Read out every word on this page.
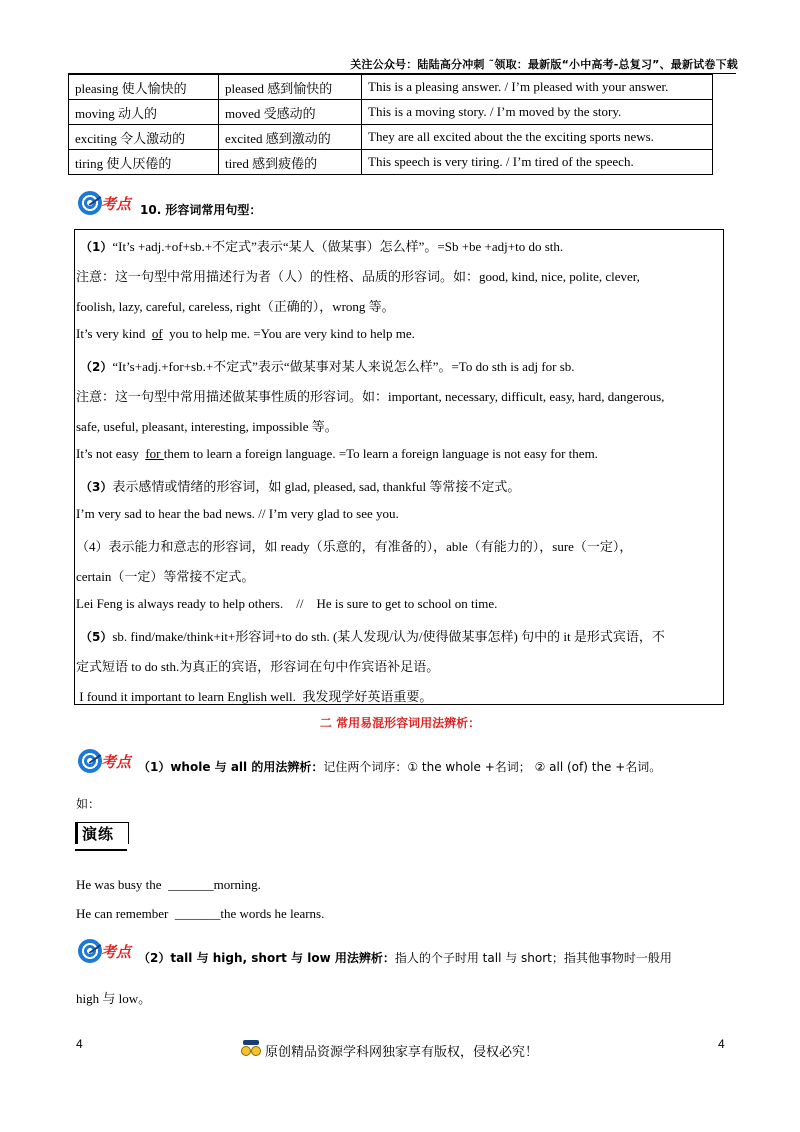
关注公众号：陆陆高分冲刺 ˜领取：最新版“小中高考-总复习”、最新试卷下载
pleasing 使人愉快的	pleased 感到愉快的	This is a pleasing answer. / I’m pleased with your answer.
moving 动人的	moved 受感动的	This is a moving story. / I’m moved by the story.
exciting 令人激动的	excited 感到激动的	They are all excited about the the exciting sports news.
tiring 使人厌倦的	tired 感到疲倦的	This speech is very tiring. / I’m tired of the speech.
考点 10. 形容词常用句型：
（1）“It’s +adj.+of+sb.+不定式”表示“某人（做某事）怎么样”。=Sb +be +adj+to do sth.
注意：这一句型中常用描述行为者（人）的性格、品质的形容词。如：good, kind, nice, polite, clever,
foolish, lazy, careful, careless, right（正确的），wrong 等。
It’s very kind  of  you to help me. =You are very kind to help me.
（2）“It’s+adj.+for+sb.+不定式”表示“做某事对某人来说怎么样”。=To do sth is adj for sb.
注意：这一句型中常用描述做某事性质的形容词。如：important, necessary, difficult, easy, hard, dangerous,
safe, useful, pleasant, interesting, impossible 等。
It’s not easy  for them to learn a foreign language. =To learn a foreign language is not easy for them.
（3）表示感情或情绪的形容词，如 glad, pleased, sad, thankful 等常接不定式。
I’m very sad to hear the bad news. // I’m very glad to see you.
（4）表示能力和意志的形容词，如 ready（乐意的，有准备的），able（有能力的），sure（一定），
certain（一定）等常接不定式。
Lei Feng is always ready to help others.    //    He is sure to get to school on time.
（5）sb. find/make/think+it+形容词+to do sth. (某人发现/认为/使得做某事怎样) 句中的 it 是形式宾语，不
定式短语 to do sth.为真正的宾语，形容词在句中作宾语补足语。
I found it important to learn English well.  我发现学好英语重要。
二 常用易混形容词用法辨析：
考点 （1）whole 与 all 的用法辨析： 记住两个词序：① the whole +名词； ② all (of) the +名词。
如：
演练
He was busy the  _______morning.
He can remember  _______the words he learns.
考点 （2）tall 与 high, short 与 low 用法辨析： 指人的个子时用 tall 与 short；指其他事物时一般用
high 与 low。
4	4
原创精品资源学科网独家享有版权，侵权必究！
